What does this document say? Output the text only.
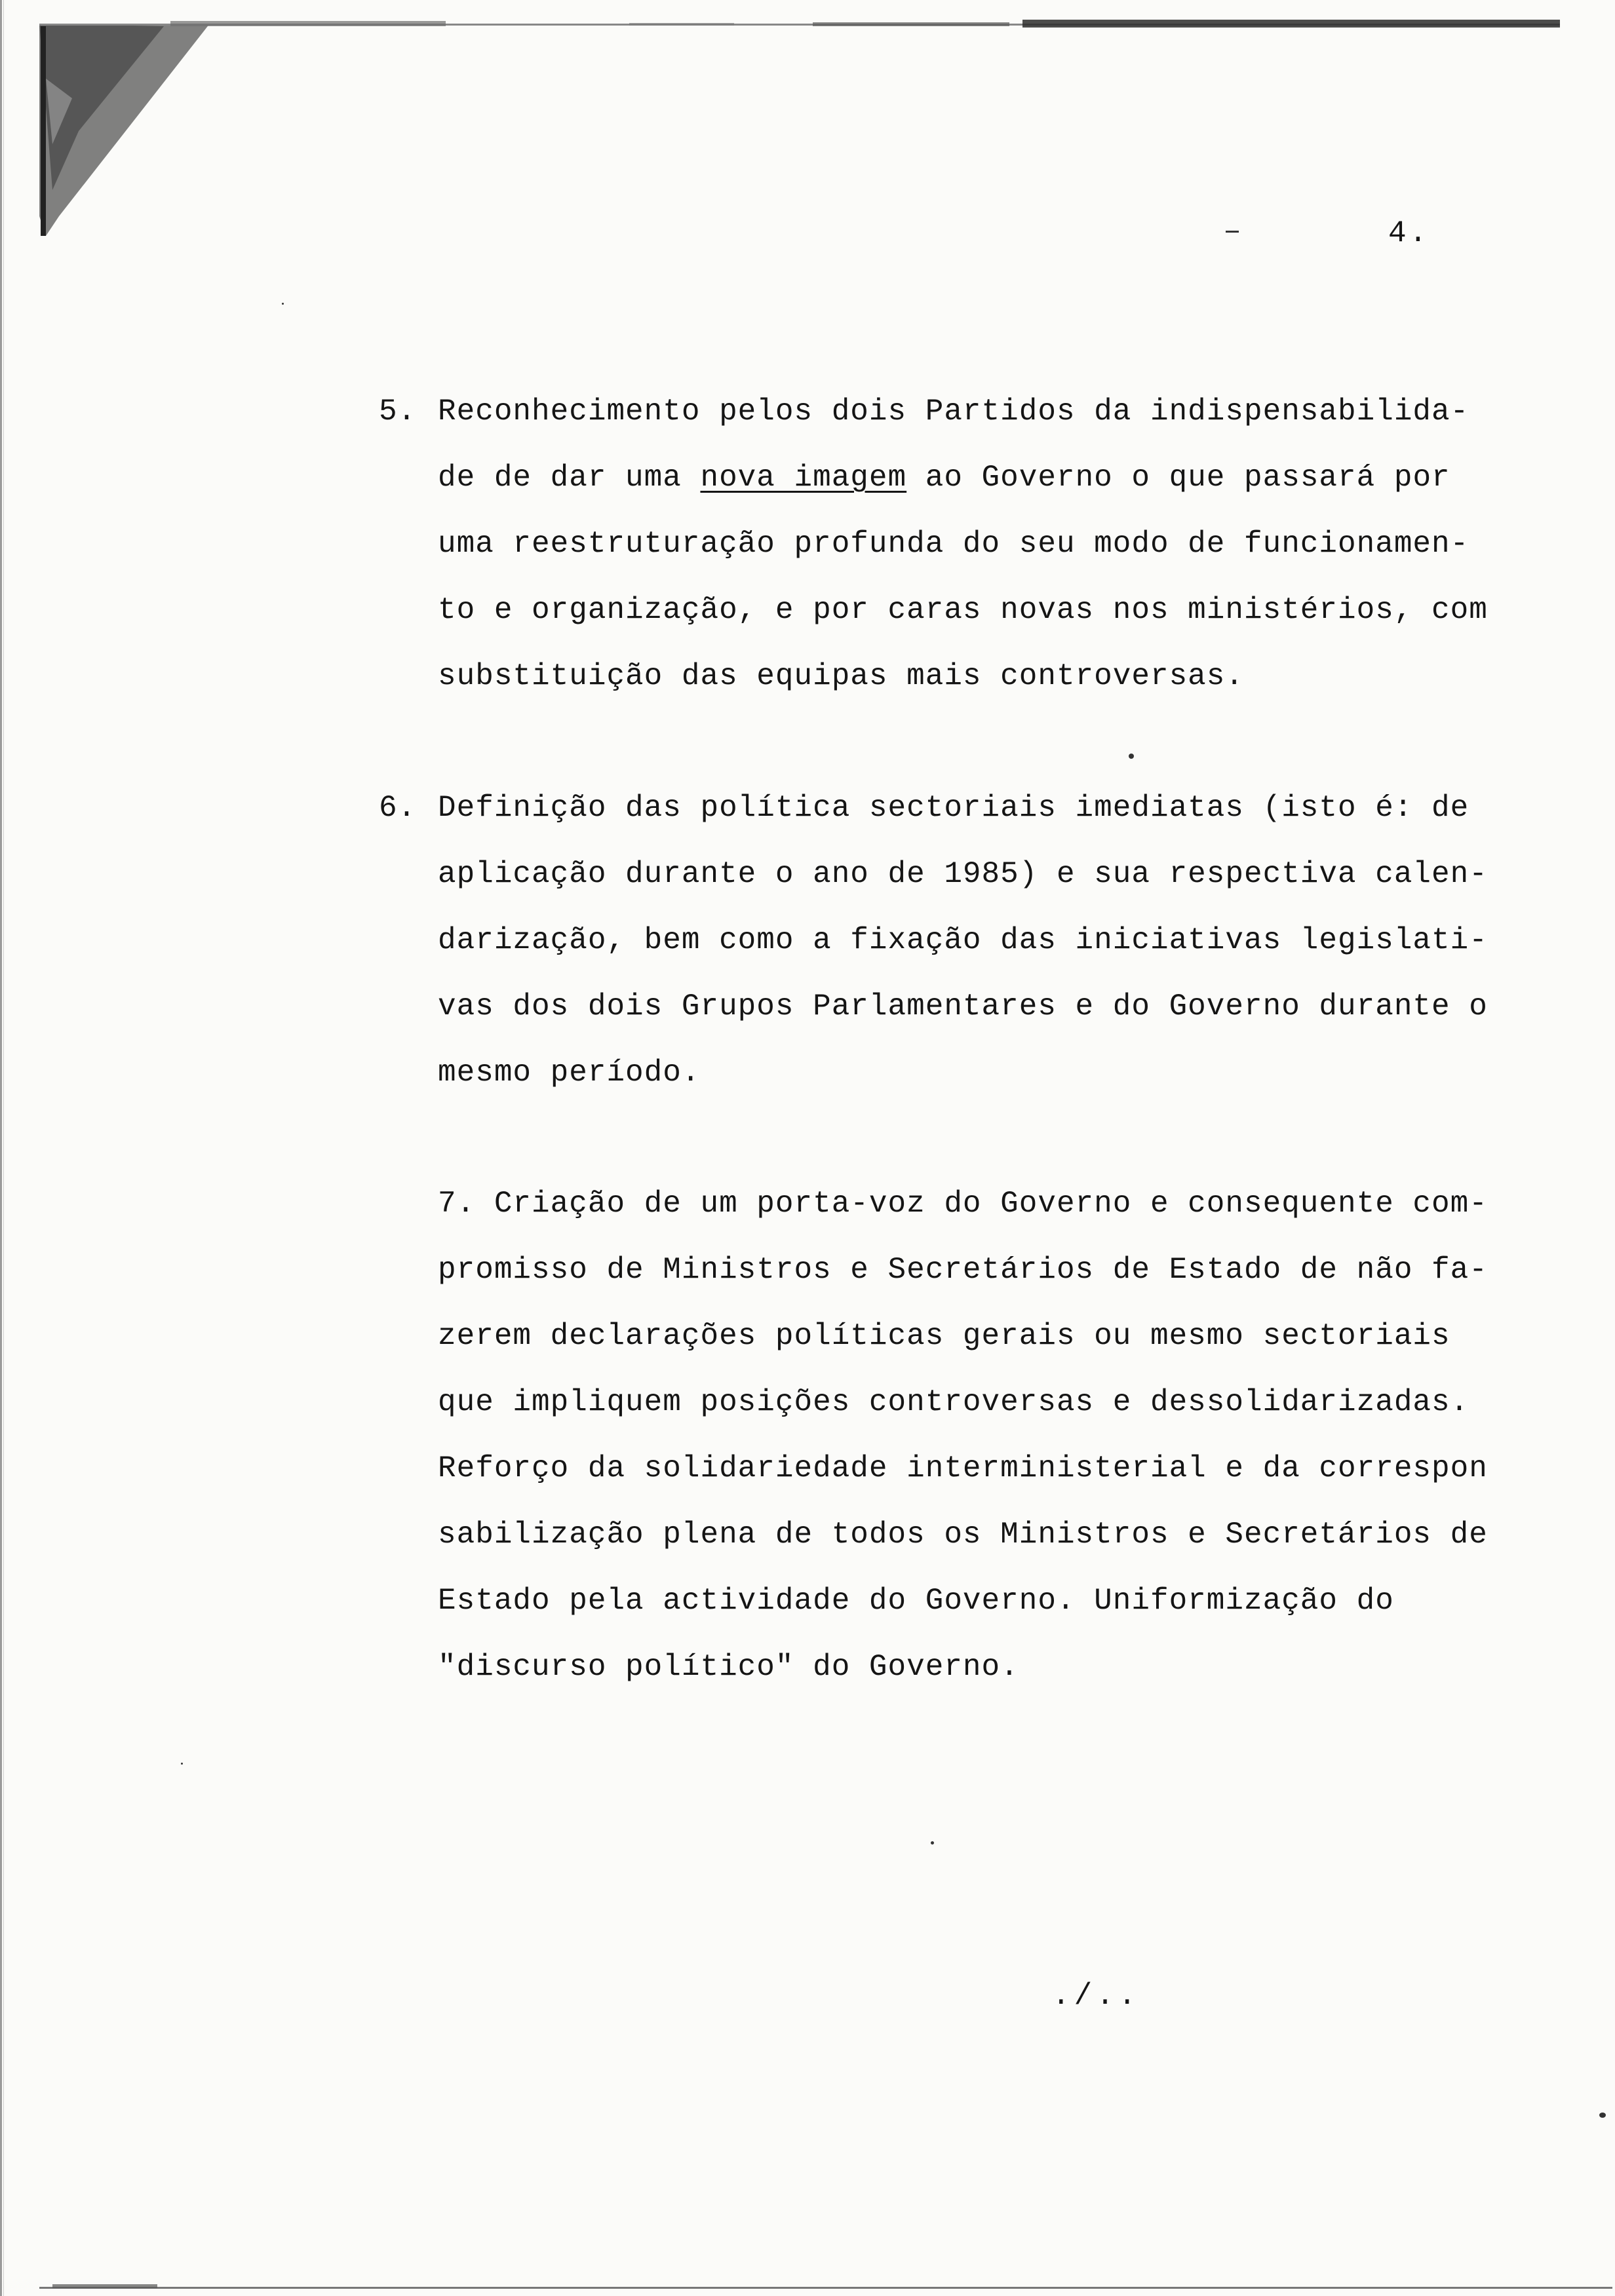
4.
5. Reconhecimento pelos dois Partidos da indispensabilida-
de de dar uma nova imagem ao Governo o que passará por
uma reestruturação profunda do seu modo de funcionamen-
to e organização, e por caras novas nos ministérios, com
substituição das equipas mais controversas.
6. Definição das política sectoriais imediatas (isto é: de
aplicação durante o ano de 1985) e sua respectiva calen-
darização, bem como a fixação das iniciativas legislati-
vas dos dois Grupos Parlamentares e do Governo durante o
mesmo período.
7. Criação de um porta-voz do Governo e consequente com-
promisso de Ministros e Secretários de Estado de não fa-
zerem declarações políticas gerais ou mesmo sectoriais
que impliquem posições controversas e dessolidarizadas.
Reforço da solidariedade interministerial e da correspon
sabilização plena de todos os Ministros e Secretários de
Estado pela actividade do Governo. Uniformização do
"discurso político" do Governo.
./..
